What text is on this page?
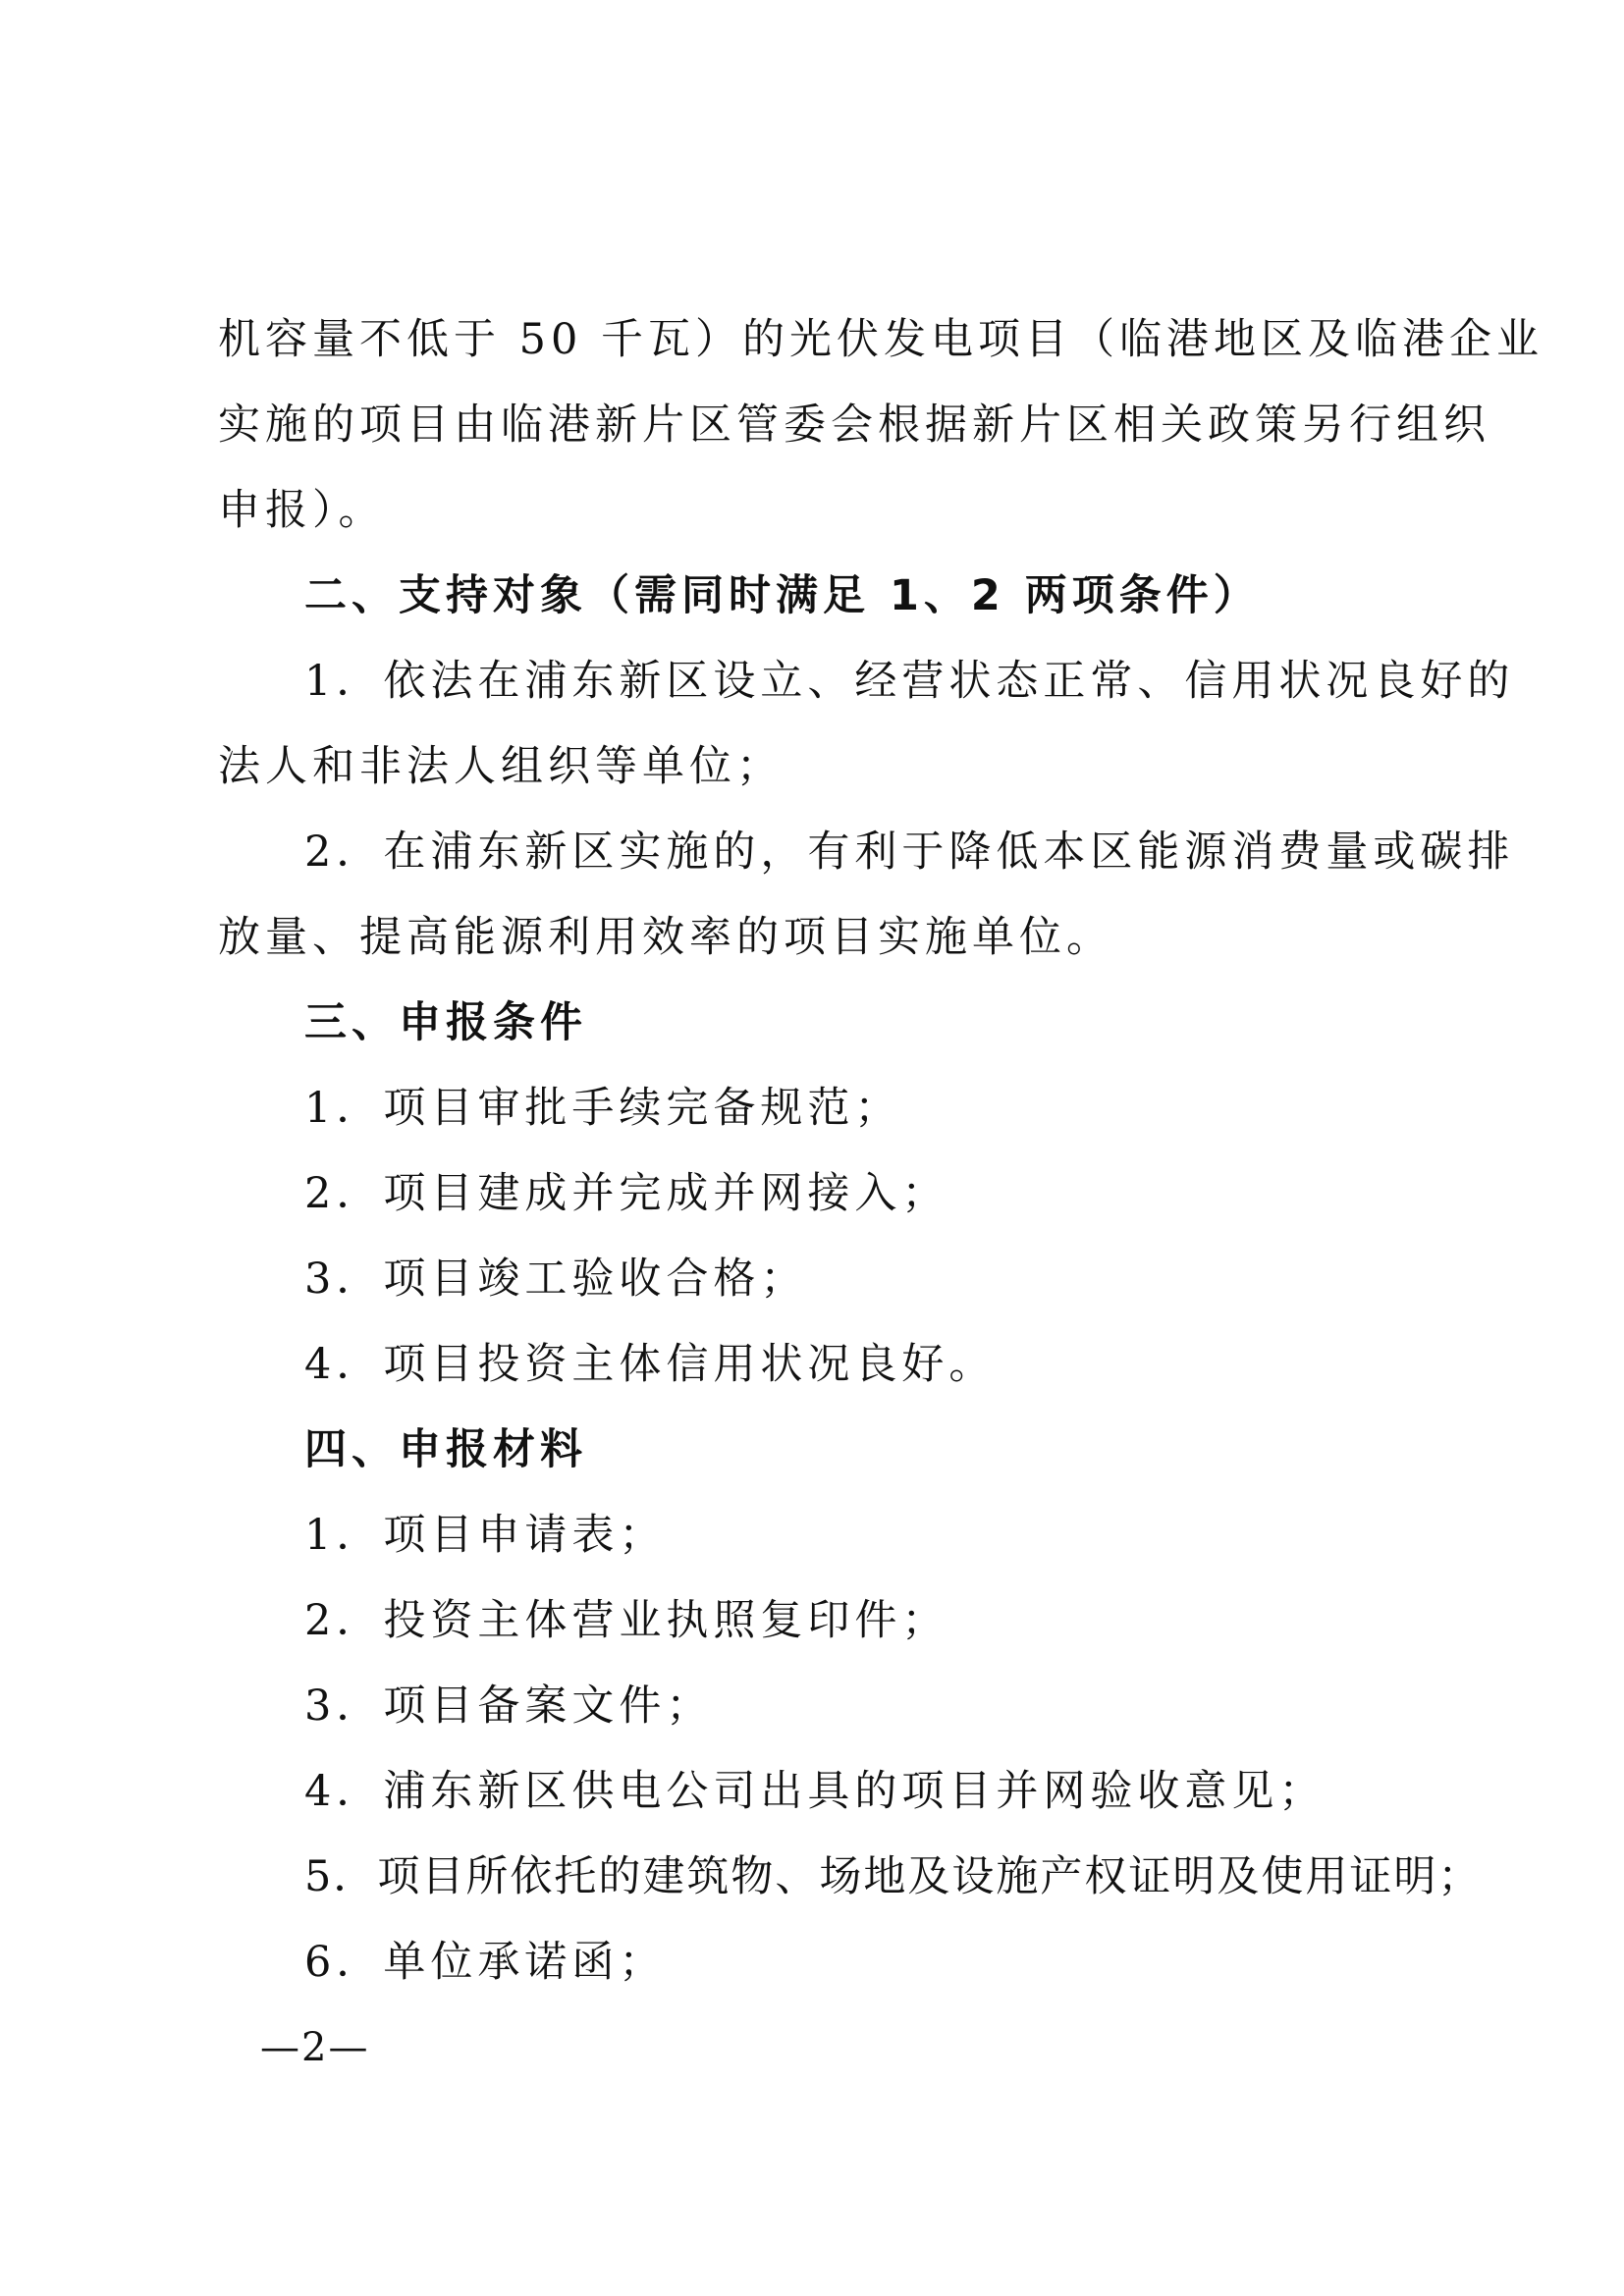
机容量不低于 50 千瓦）的光伏发电项目（临港地区及临港企业
实施的项目由临港新片区管委会根据新片区相关政策另行组织
申报）。
二、支持对象（需同时满足 1、2 两项条件）
1．依法在浦东新区设立、经营状态正常、信用状况良好的
法人和非法人组织等单位；
2．在浦东新区实施的，有利于降低本区能源消费量或碳排
放量、提高能源利用效率的项目实施单位。
三、申报条件
1．项目审批手续完备规范；
2．项目建成并完成并网接入；
3．项目竣工验收合格；
4．项目投资主体信用状况良好。
四、申报材料
1．项目申请表；
2．投资主体营业执照复印件；
3．项目备案文件；
4．浦东新区供电公司出具的项目并网验收意见；
5．项目所依托的建筑物、场地及设施产权证明及使用证明；
6．单位承诺函；
—2—
